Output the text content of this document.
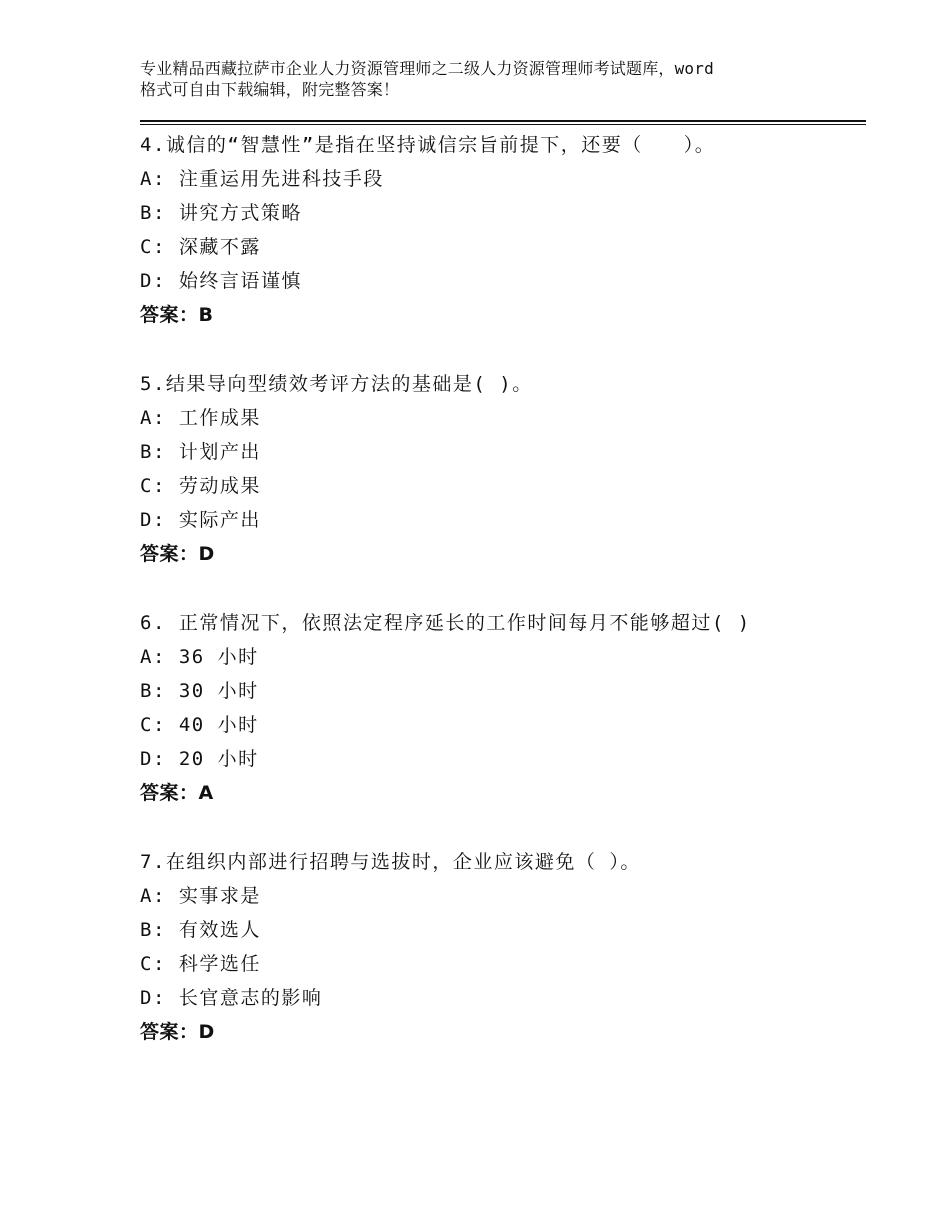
专业精品西藏拉萨市企业人力资源管理师之二级人力资源管理师考试题库，word
格式可自由下载编辑，附完整答案！
4.诚信的“智慧性”是指在坚持诚信宗旨前提下，还要（　　）。
A: 注重运用先进科技手段
B: 讲究方式策略
C: 深藏不露
D: 始终言语谨慎
答案：B
5.结果导向型绩效考评方法的基础是( )。
A: 工作成果
B: 计划产出
C: 劳动成果
D: 实际产出
答案：D
6. 正常情况下，依照法定程序延长的工作时间每月不能够超过( )
A: 36 小时
B: 30 小时
C: 40 小时
D: 20 小时
答案：A
7.在组织内部进行招聘与选拔时，企业应该避免（ ）。
A: 实事求是
B: 有效选人
C: 科学选任
D: 长官意志的影响
答案：D
